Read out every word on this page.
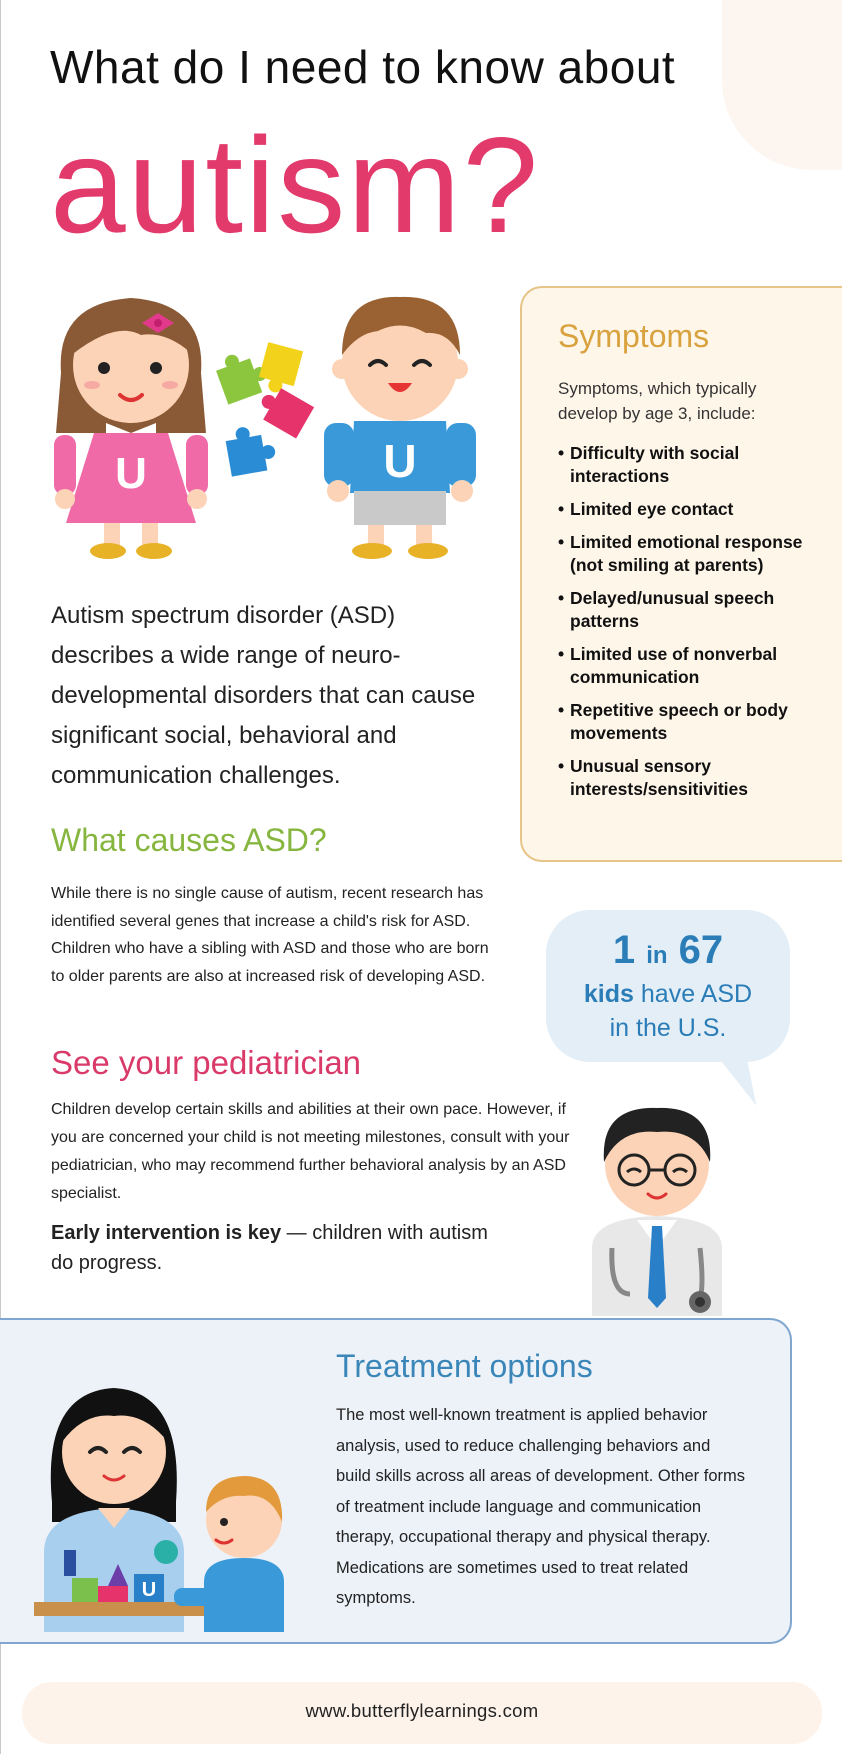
What do I need to know about
autism?
U	U
Symptoms
Symptoms, which typically develop by age 3, include:
• Difficulty with social interactions
• Limited eye contact
• Limited emotional response (not smiling at parents)
• Delayed/unusual speech patterns
• Limited use of nonverbal communication
• Repetitive speech or body movements
• Unusual sensory interests/sensitivities
Autism spectrum disorder (ASD) describes a wide range of neuro-developmental disorders that can cause significant social, behavioral and communication challenges.
What causes ASD?
While there is no single cause of autism, recent research has identified several genes that increase a child's risk for ASD. Children who have a sibling with ASD and those who are born to older parents are also at increased risk of developing ASD.
1 in 67
kids have ASD
in the U.S.
See your pediatrician
Children develop certain skills and abilities at their own pace. However, if you are concerned your child is not meeting milestones, consult with your pediatrician, who may recommend further behavioral analysis by an ASD specialist.
Early intervention is key — children with autism do progress.
U
Treatment options
The most well-known treatment is applied behavior analysis, used to reduce challenging behaviors and build skills across all areas of development. Other forms of treatment include language and communication therapy, occupational therapy and physical therapy. Medications are sometimes used to treat related symptoms.
www.butterflylearnings.com
